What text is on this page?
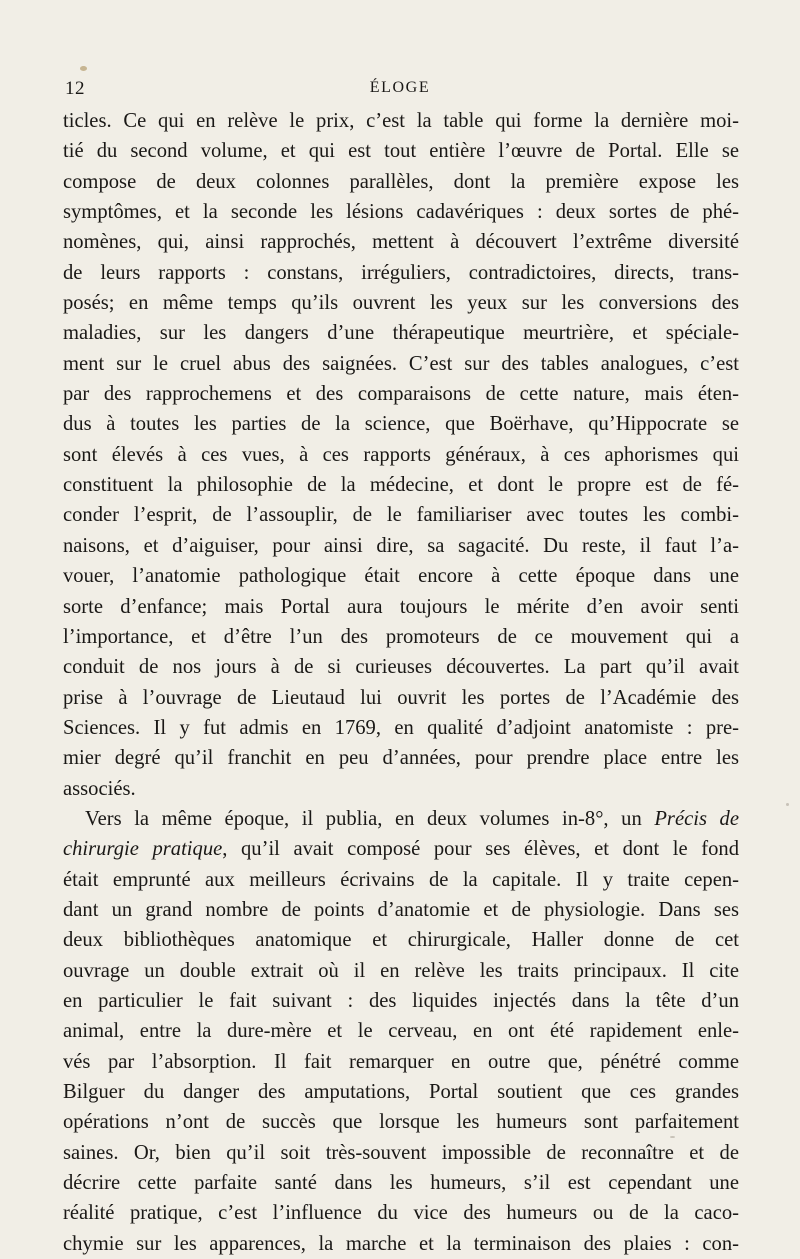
12	ÉLOGE
ticles. Ce qui en relève le prix, c’est la table qui forme la dernière moi-
tié du second volume, et qui est tout entière l’œuvre de Portal. Elle se
compose de deux colonnes parallèles, dont la première expose les
symptômes, et la seconde les lésions cadavériques : deux sortes de phé-
nomènes, qui, ainsi rapprochés, mettent à découvert l’extrême diversité
de leurs rapports : constans, irréguliers, contradictoires, directs, trans-
posés; en même temps qu’ils ouvrent les yeux sur les conversions des
maladies, sur les dangers d’une thérapeutique meurtrière, et spéciale-
ment sur le cruel abus des saignées. C’est sur des tables analogues, c’est
par des rapprochemens et des comparaisons de cette nature, mais éten-
dus à toutes les parties de la science, que Boërhave, qu’Hippocrate se
sont élevés à ces vues, à ces rapports généraux, à ces aphorismes qui
constituent la philosophie de la médecine, et dont le propre est de fé-
conder l’esprit, de l’assouplir, de le familiariser avec toutes les combi-
naisons, et d’aiguiser, pour ainsi dire, sa sagacité. Du reste, il faut l’a-
vouer, l’anatomie pathologique était encore à cette époque dans une
sorte d’enfance; mais Portal aura toujours le mérite d’en avoir senti
l’importance, et d’être l’un des promoteurs de ce mouvement qui a
conduit de nos jours à de si curieuses découvertes. La part qu’il avait
prise à l’ouvrage de Lieutaud lui ouvrit les portes de l’Académie des
Sciences. Il y fut admis en 1769, en qualité d’adjoint anatomiste : pre-
mier degré qu’il franchit en peu d’années, pour prendre place entre les
associés.
Vers la même époque, il publia, en deux volumes in-8°, un Précis de
chirurgie pratique, qu’il avait composé pour ses élèves, et dont le fond
était emprunté aux meilleurs écrivains de la capitale. Il y traite cepen-
dant un grand nombre de points d’anatomie et de physiologie. Dans ses
deux bibliothèques anatomique et chirurgicale, Haller donne de cet
ouvrage un double extrait où il en relève les traits principaux. Il cite
en particulier le fait suivant : des liquides injectés dans la tête d’un
animal, entre la dure-mère et le cerveau, en ont été rapidement enle-
vés par l’absorption. Il fait remarquer en outre que, pénétré comme
Bilguer du danger des amputations, Portal soutient que ces grandes
opérations n’ont de succès que lorsque les humeurs sont parfaitement
saines. Or, bien qu’il soit très-souvent impossible de reconnaître et de
décrire cette parfaite santé dans les humeurs, s’il est cependant une
réalité pratique, c’est l’influence du vice des humeurs ou de la caco-
chymie sur les apparences, la marche et la terminaison des plaies : con-
